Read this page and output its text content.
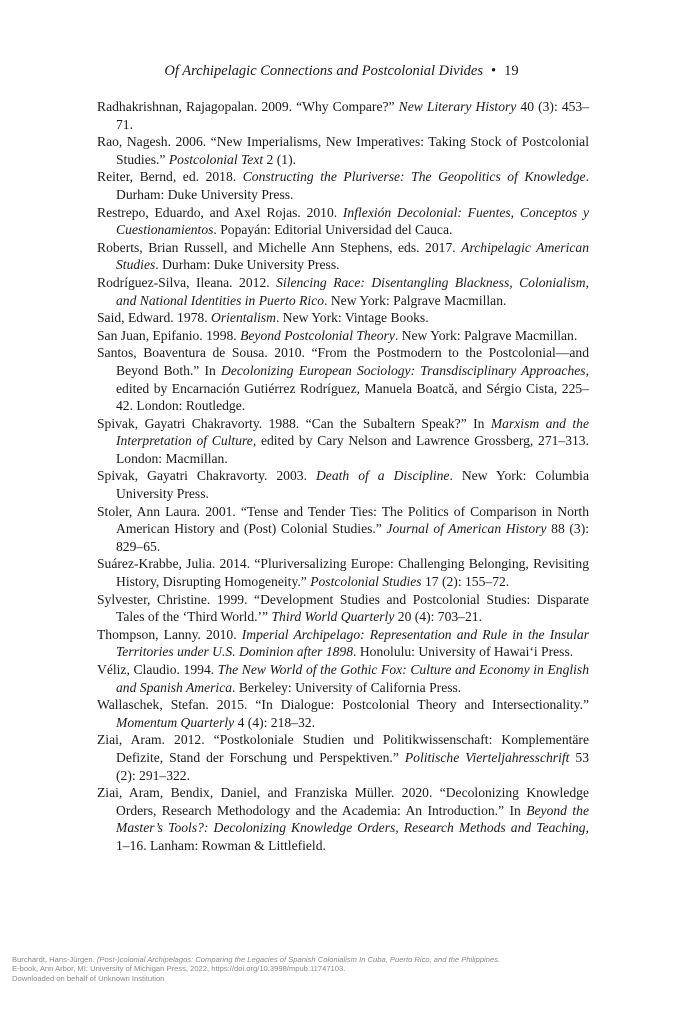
Of Archipelagic Connections and Postcolonial Divides • 19
Radhakrishnan, Rajagopalan. 2009. “Why Compare?” New Literary History 40 (3): 453–71.
Rao, Nagesh. 2006. “New Imperialisms, New Imperatives: Taking Stock of Postcolonial Studies.” Postcolonial Text 2 (1).
Reiter, Bernd, ed. 2018. Constructing the Pluriverse: The Geopolitics of Knowledge. Durham: Duke University Press.
Restrepo, Eduardo, and Axel Rojas. 2010. Inflexión Decolonial: Fuentes, Conceptos y Cuestionamientos. Popayán: Editorial Universidad del Cauca.
Roberts, Brian Russell, and Michelle Ann Stephens, eds. 2017. Archipelagic American Studies. Durham: Duke University Press.
Rodríguez-Silva, Ileana. 2012. Silencing Race: Disentangling Blackness, Colonialism, and National Identities in Puerto Rico. New York: Palgrave Macmillan.
Said, Edward. 1978. Orientalism. New York: Vintage Books.
San Juan, Epifanio. 1998. Beyond Postcolonial Theory. New York: Palgrave Macmillan.
Santos, Boaventura de Sousa. 2010. “From the Postmodern to the Postcolonial—and Beyond Both.” In Decolonizing European Sociology: Transdisciplinary Approaches, edited by Encarnación Gutiérrez Rodríguez, Manuela Boatcă, and Sérgio Cista, 225–42. London: Routledge.
Spivak, Gayatri Chakravorty. 1988. “Can the Subaltern Speak?” In Marxism and the Interpretation of Culture, edited by Cary Nelson and Lawrence Grossberg, 271–313. London: Macmillan.
Spivak, Gayatri Chakravorty. 2003. Death of a Discipline. New York: Columbia University Press.
Stoler, Ann Laura. 2001. “Tense and Tender Ties: The Politics of Comparison in North American History and (Post) Colonial Studies.” Journal of American History 88 (3): 829–65.
Suárez-Krabbe, Julia. 2014. “Pluriversalizing Europe: Challenging Belonging, Revisiting History, Disrupting Homogeneity.” Postcolonial Studies 17 (2): 155–72.
Sylvester, Christine. 1999. “Development Studies and Postcolonial Studies: Disparate Tales of the ‘Third World.’” Third World Quarterly 20 (4): 703–21.
Thompson, Lanny. 2010. Imperial Archipelago: Representation and Rule in the Insular Territories under U.S. Dominion after 1898. Honolulu: University of Hawai‘i Press.
Véliz, Claudio. 1994. The New World of the Gothic Fox: Culture and Economy in English and Spanish America. Berkeley: University of California Press.
Wallaschek, Stefan. 2015. “In Dialogue: Postcolonial Theory and Intersectionality.” Momentum Quarterly 4 (4): 218–32.
Ziai, Aram. 2012. “Postkoloniale Studien und Politikwissenschaft: Komplementäre Defizite, Stand der Forschung und Perspektiven.” Politische Vierteljahresschrift 53 (2): 291–322.
Ziai, Aram, Bendix, Daniel, and Franziska Müller. 2020. “Decolonizing Knowledge Orders, Research Methodology and the Academia: An Introduction.” In Beyond the Master’s Tools?: Decolonizing Knowledge Orders, Research Methods and Teaching, 1–16. Lanham: Rowman & Littlefield.
Burchardt, Hans-Jürgen. (Post-)colonial Archipelagos: Comparing the Legacies of Spanish Colonialism In Cuba, Puerto Rico, and the Philippines.
E-book, Ann Arbor, MI: University of Michigan Press, 2022, https://doi.org/10.3998/mpub.11747103.
Downloaded on behalf of Unknown Institution
